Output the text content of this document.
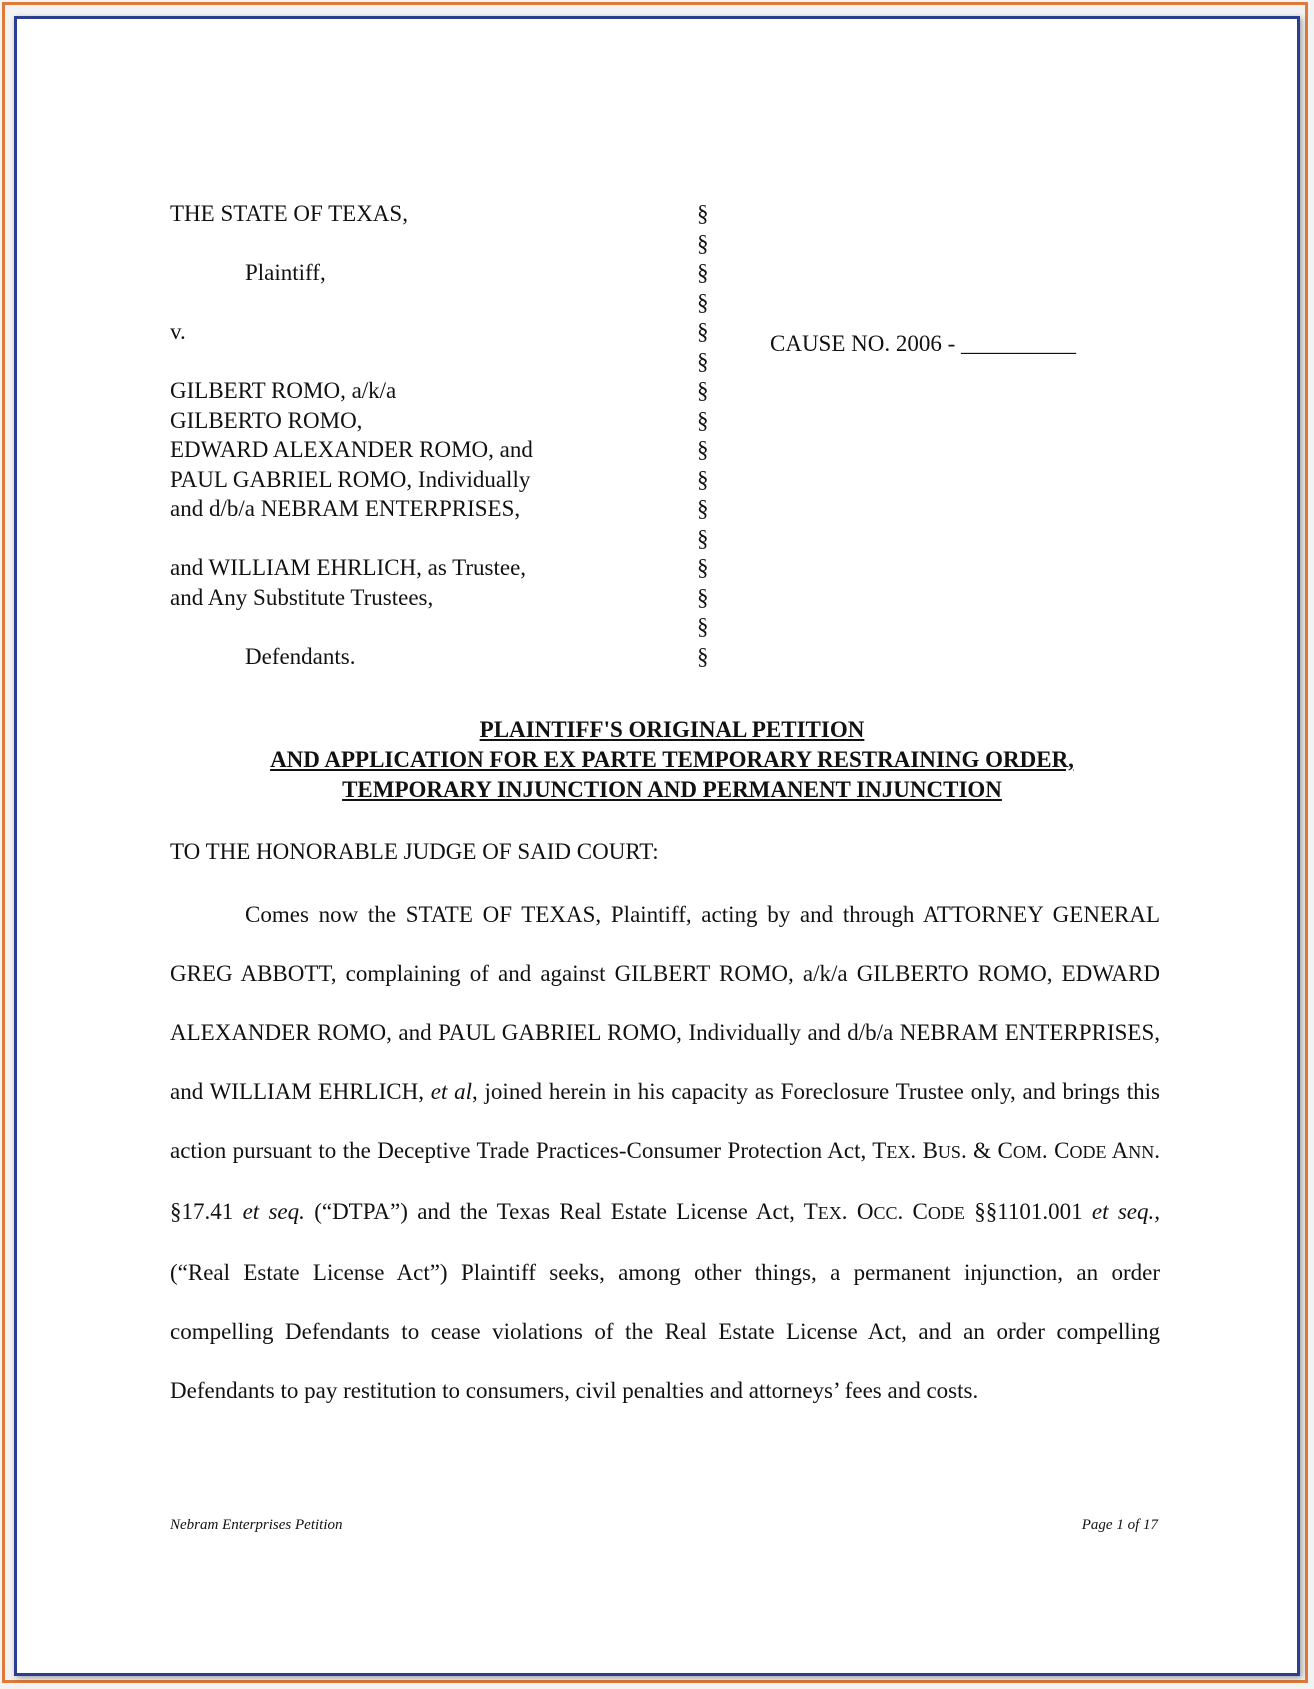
THE STATE OF TEXAS,

Plaintiff,

v.

GILBERT ROMO, a/k/a
GILBERTO ROMO,
EDWARD ALEXANDER ROMO, and
PAUL GABRIEL ROMO, Individually
and d/b/a NEBRAM ENTERPRISES,

and WILLIAM EHRLICH, as Trustee,
and Any Substitute Trustees,

Defendants.
§
§
§
§
§
§
§
§
§
§
§
§
§
§
§
§
CAUSE NO. 2006 - __________
PLAINTIFF'S ORIGINAL PETITION
AND APPLICATION FOR EX PARTE TEMPORARY RESTRAINING ORDER,
TEMPORARY INJUNCTION AND PERMANENT INJUNCTION
TO THE HONORABLE JUDGE OF SAID COURT:
Comes now the STATE OF TEXAS, Plaintiff, acting by and through ATTORNEY GENERAL GREG ABBOTT, complaining of and against GILBERT ROMO, a/k/a GILBERTO ROMO, EDWARD ALEXANDER ROMO, and PAUL GABRIEL ROMO, Individually and d/b/a NEBRAM ENTERPRISES, and WILLIAM EHRLICH, et al, joined herein in his capacity as Foreclosure Trustee only, and brings this action pursuant to the Deceptive Trade Practices-Consumer Protection Act, TEX. BUS. & COM. CODE ANN. §17.41 et seq. (“DTPA”) and the Texas Real Estate License Act, TEX. OCC. CODE §§1101.001 et seq., (“Real Estate License Act”) Plaintiff seeks, among other things, a permanent injunction, an order compelling Defendants to cease violations of the Real Estate License Act, and an order compelling Defendants to pay restitution to consumers, civil penalties and attorneys’ fees and costs.
Nebram Enterprises Petition	Page 1 of 17
